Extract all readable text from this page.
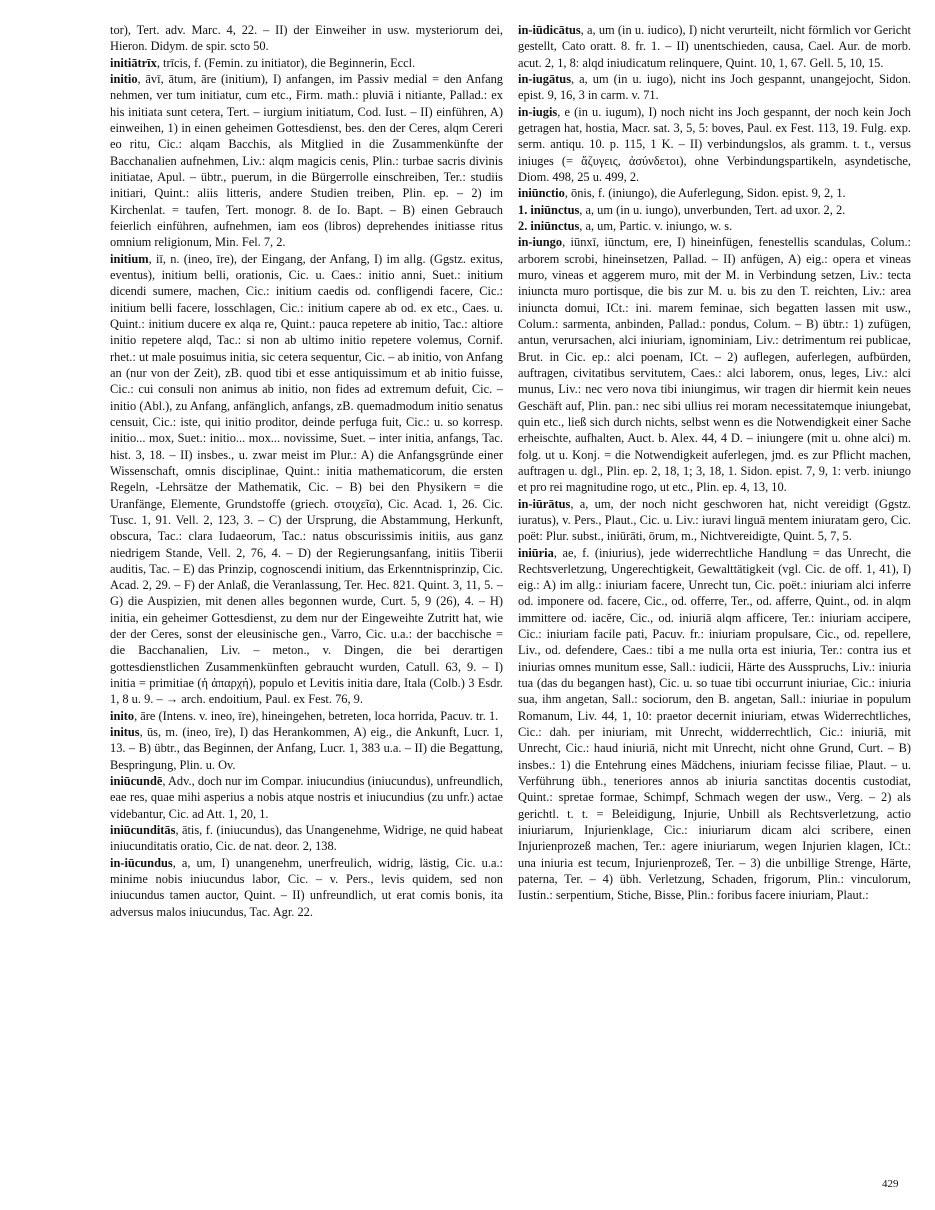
tor), Tert. adv. Marc. 4, 22. – II) der Einweiher in usw. mysteriorum dei, Hieron. Didym. de spir. scto 50.

initiātrīx, trīcis, f. (Femin. zu initiator), die Beginnerin, Eccl.

initio, āvī, ātum, āre (initium), I) anfangen, im Passiv medial = den Anfang nehmen, ver tum initiatur, cum etc., Firm. math.: pluviā i nitiante, Pallad.: ex his initiata sunt cetera, Tert. – iurgium initiatum, Cod. Iust. – II) einführen, A) einweihen, 1) in einen geheimen Gottesdienst, bes. den der Ceres, alqm Cereri eo ritu, Cic.: alqam Bacchis, als Mitglied in die Zusammenkünfte der Bacchanalien aufnehmen, Liv.: alqm magicis cenis, Plin.: turbae sacris divinis initiatae, Apul. – übtr., puerum, in die Bürgerrolle einschreiben, Ter.: studiis initiari, Quint.: aliis litteris, andere Studien treiben, Plin. ep. – 2) im Kirchenlat. = taufen, Tert. monogr. 8. de Io. Bapt. – B) einen Gebrauch feierlich einführen, aufnehmen, iam eos (libros) deprehendes initiasse ritus omnium religionum, Min. Fel. 7, 2.

initium, iī, n. (ineo, īre), der Eingang, der Anfang, I) im allg. (Ggstz. exitus, eventus), initium belli, orationis, Cic. u. Caes.: initio anni, Suet.: initium dicendi sumere, machen, Cic.: initium caedis od. confligendi facere, Cic.: initium belli facere, losschlagen, Cic.: initium capere ab od. ex etc., Caes. u. Quint.: initium ducere ex alqa re, Quint.: pauca repetere ab initio, Tac.: altiore initio repetere alqd, Tac.: si non ab ultimo initio repetere volemus, Cornif. rhet.: ut male posuimus initia, sic cetera sequentur, Cic. – ab initio, von Anfang an (nur von der Zeit), zB. quod tibi et esse antiquissimum et ab initio fuisse, Cic.: cui consuli non animus ab initio, non fides ad extremum defuit, Cic. – initio (Abl.), zu Anfang, anfänglich, anfangs, zB. quemadmodum initio senatus censuit, Cic.: iste, qui initio proditor, deinde perfuga fuit, Cic.: u. so korresp. initio... mox, Suet.: initio... mox... novissime, Suet. – inter initia, anfangs, Tac. hist. 3, 18. – II) insbes., u. zwar meist im Plur.: A) die Anfangsgründe einer Wissenschaft, omnis disciplinae, Quint.: initia mathematicorum, die ersten Regeln, -Lehrsätze der Mathematik, Cic. – B) bei den Physikern = die Uranfänge, Elemente, Grundstoffe (griech. στοιχεῖα), Cic. Acad. 1, 26. Cic. Tusc. 1, 91. Vell. 2, 123, 3. – C) der Ursprung, die Abstammung, Herkunft, obscura, Tac.: clara Iudaeorum, Tac.: natus obscurissimis initiis, aus ganz niedrigem Stande, Vell. 2, 76, 4. – D) der Regierungsanfang, initiis Tiberii auditis, Tac. – E) das Prinzip, cognoscendi initium, das Erkenntnisprinzip, Cic. Acad. 2, 29. – F) der Anlaß, die Veranlassung, Ter. Hec. 821. Quint. 3, 11, 5. – G) die Auspizien, mit denen alles begonnen wurde, Curt. 5, 9 (26), 4. – H) initia, ein geheimer Gottesdienst, zu dem nur der Eingeweihte Zutritt hat, wie der der Ceres, sonst der eleusinische gen., Varro, Cic. u.a.: der bacchische = die Bacchanalien, Liv. – meton., v. Dingen, die bei derartigen gottesdienstlichen Zusammenkünften gebraucht wurden, Catull. 63, 9. – I) initia = primitiae (ἡ ἀπαρχή), populo et Levitis initia dare, Itala (Colb.) 3 Esdr. 1, 8 u. 9. – → arch. endoitium, Paul. ex Fest. 76, 9.

inito, āre (Intens. v. ineo, īre), hineingehen, betreten, loca horrida, Pacuv. tr. 1.

initus, ūs, m. (ineo, īre), I) das Herankommen, A) eig., die Ankunft, Lucr. 1, 13. – B) übtr., das Beginnen, der Anfang, Lucr. 1, 383 u.a. – II) die Begattung, Bespringung, Plin. u. Ov.

iniūcundē, Adv., doch nur im Compar. iniucundius (iniucundus), unfreundlich, eae res, quae mihi asperius a nobis atque nostris et iniucundius (zu unfr.) actae videbantur, Cic. ad Att. 1, 20, 1.

iniūcunditās, ātis, f. (iniucundus), das Unangenehme, Widrige, ne quid habeat iniucunditatis oratio, Cic. de nat. deor. 2, 138.

in-iūcundus, a, um, I) unangenehm, unerfreulich, widrig, lästig, Cic. u.a.: minime nobis iniucundus labor, Cic. – v. Pers., levis quidem, sed non iniucundus tamen auctor, Quint. – II) unfreundlich, ut erat comis bonis, ita adversus malos iniucundus, Tac. Agr. 22.

in-iūdicātus, a, um (in u. iudico), I) nicht verurteilt, nicht förmlich vor Gericht gestellt, Cato oratt. 8. fr. 1. – II) unentschieden, causa, Cael. Aur. de morb. acut. 2, 1, 8: alqd iniudicatum relinquere, Quint. 10, 1, 67. Gell. 5, 10, 15.

in-iugātus, a, um (in u. iugo), nicht ins Joch gespannt, unangejocht, Sidon. epist. 9, 16, 3 in carm. v. 71.

in-iugis, e (in u. iugum), I) noch nicht ins Joch gespannt, der noch kein Joch getragen hat, hostia, Macr. sat. 3, 5, 5: boves, Paul. ex Fest. 113, 19. Fulg. exp. serm. antiqu. 10. p. 115, 1 K. – II) verbindungslos, als gramm. t. t., versus iniuges (= ἄζυγεις, ἀσύνδετοι), ohne Verbindungspartikeln, asyndetische, Diom. 498, 25 u. 499, 2.

iniūnctio, ōnis, f. (iniungo), die Auferlegung, Sidon. epist. 9, 2, 1.

1. iniūnctus, a, um (in u. iungo), unverbunden, Tert. ad uxor. 2, 2.

2. iniūnctus, a, um, Partic. v. iniungo, w. s.

in-iungo, iūnxī, iūnctum, ere, I) hineinfügen, fenestellis scandulas, Colum.: arborem scrobi, hineinsetzen, Pallad. – II) anfügen, A) eig.: opera et vineas muro, vineas et aggerem muro, mit der M. in Verbindung setzen, Liv.: tecta iniuncta muro portisque, die bis zur M. u. bis zu den T. reichten, Liv.: area iniuncta domui, ICt.: ini. marem feminae, sich begatten lassen mit usw., Colum.: sarmenta, anbinden, Pallad.: pondus, Colum. – B) übtr.: 1) zufügen, antun, verursachen, alci iniuriam, ignominiam, Liv.: detrimentum rei publicae, Brut. in Cic. ep.: alci poenam, ICt. – 2) auflegen, auferlegen, aufbürden, auftragen, civitatibus servitutem, Caes.: alci laborem, onus, leges, Liv.: alci munus, Liv.: nec vero nova tibi iniungimus, wir tragen dir hiermit kein neues Geschäft auf, Plin. pan.: nec sibi ullius rei moram necessitatemque iniungebat, quin etc., ließ sich durch nichts, selbst wenn es die Notwendigkeit einer Sache erheischte, aufhalten, Auct. b. Alex. 44, 4 D. – iniungere (mit u. ohne alci) m. folg. ut u. Konj. = die Notwendigkeit auferlegen, jmd. es zur Pflicht machen, auftragen u. dgl., Plin. ep. 2, 18, 1; 3, 18, 1. Sidon. epist. 7, 9, 1: verb. iniungo et pro rei magnitudine rogo, ut etc., Plin. ep. 4, 13, 10.

in-iūrātus, a, um, der noch nicht geschworen hat, nicht vereidigt (Ggstz. iuratus), v. Pers., Plaut., Cic. u. Liv.: iuravi linguā mentem iniuratam gero, Cic. poët: Plur. subst., iniūrāti, ōrum, m., Nichtvereidigte, Quint. 5, 7, 5.

iniūria, ae, f. (iniurius), jede widerrechtliche Handlung = das Unrecht, die Rechtsverletzung, Ungerechtigkeit, Gewalttätigkeit (vgl. Cic. de off. 1, 41), I) eig.: A) im allg.: iniuriam facere, Unrecht tun, Cic. poët.: iniuriam alci inferre od. imponere od. facere, Cic., od. offerre, Ter., od. afferre, Quint., od. in alqm immittere od. iacĕre, Cic., od. iniuriā alqm afficere, Ter.: iniuriam accipere, Cic.: iniuriam facile pati, Pacuv. fr.: iniuriam propulsare, Cic., od. repellere, Liv., od. defendere, Caes.: tibi a me nulla orta est iniuria, Ter.: contra ius et iniurias omnes munitum esse, Sall.: iudicii, Härte des Ausspruchs, Liv.: iniuria tua (das du begangen hast), Cic. u. so tuae tibi occurrunt iniuriae, Cic.: iniuria sua, ihm angetan, Sall.: sociorum, den B. angetan, Sall.: iniuriae in populum Romanum, Liv. 44, 1, 10: praetor decernit iniuriam, etwas Widerrechtliches, Cic.: dah. per iniuriam, mit Unrecht, widderrechtlich, Cic.: iniuriā, mit Unrecht, Cic.: haud iniuriā, nicht mit Unrecht, nicht ohne Grund, Curt. – B) insbes.: 1) die Entehrung eines Mädchens, iniuriam fecisse filiae, Plaut. – u. Verführung übh., teneriores annos ab iniuria sanctitas docentis custodiat, Quint.: spretae formae, Schimpf, Schmach wegen der usw., Verg. – 2) als gerichtl. t. t. = Beleidigung, Injurie, Unbill als Rechtsverletzung, actio iniuriarum, Injurienklage, Cic.: iniuriarum dicam alci scribere, einen Injurienprozeß machen, Ter.: agere iniuriarum, wegen Injurien klagen, ICt.: una iniuria est tecum, Injurienprozeß, Ter. – 3) die unbillige Strenge, Härte, paterna, Ter. – 4) übh. Verletzung, Schaden, frigorum, Plin.: vinculorum, Iustin.: serpentium, Stiche, Bisse, Plin.: foribus facere iniuriam, Plaut.:

429
